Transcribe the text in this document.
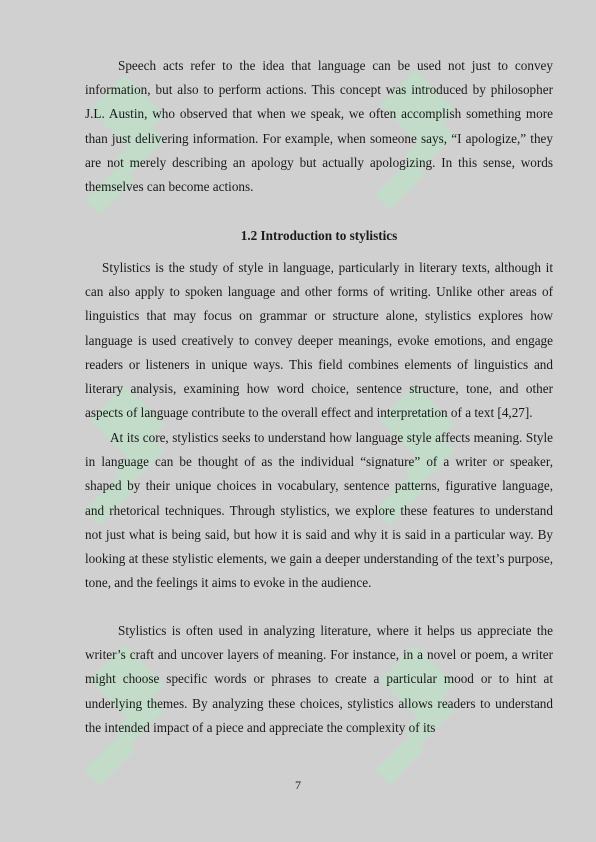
Speech acts refer to the idea that language can be used not just to convey information, but also to perform actions. This concept was introduced by philosopher J.L. Austin, who observed that when we speak, we often accomplish something more than just delivering information. For example, when someone says, “I apologize,” they are not merely describing an apology but actually apologizing. In this sense, words themselves can become actions.

1.2 Introduction to stylistics

Stylistics is the study of style in language, particularly in literary texts, although it can also apply to spoken language and other forms of writing. Unlike other areas of linguistics that may focus on grammar or structure alone, stylistics explores how language is used creatively to convey deeper meanings, evoke emotions, and engage readers or listeners in unique ways. This field combines elements of linguistics and literary analysis, examining how word choice, sentence structure, tone, and other aspects of language contribute to the overall effect and interpretation of a text [4,27].

At its core, stylistics seeks to understand how language style affects meaning. Style in language can be thought of as the individual “signature” of a writer or speaker, shaped by their unique choices in vocabulary, sentence patterns, figurative language, and rhetorical techniques. Through stylistics, we explore these features to understand not just what is being said, but how it is said and why it is said in a particular way. By looking at these stylistic elements, we gain a deeper understanding of the text’s purpose, tone, and the feelings it aims to evoke in the audience.

Stylistics is often used in analyzing literature, where it helps us appreciate the writer’s craft and uncover layers of meaning. For instance, in a novel or poem, a writer might choose specific words or phrases to create a particular mood or to hint at underlying themes. By analyzing these choices, stylistics allows readers to understand the intended impact of a piece and appreciate the complexity of its

7
